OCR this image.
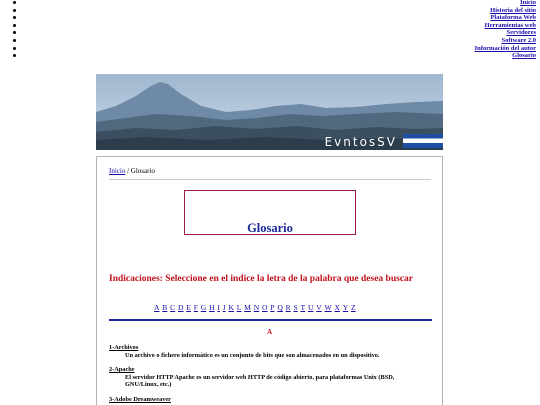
Inicio
Historia del sitio
Plataforma Web
Herramientas web
Servidores
Software 2.0
Información del autor
Glosario
EvntosSV
Inicio / Glosario
Glosario
Indicaciones: Seleccione en el indice la letra de la palabra que desea buscar
A B C D E F G H I J K L M N O P Q R S T U V W X Y Z
A
1-Archivos
Un archivo o fichero informático es un conjunto de bits que son almacenados en un dispositivo.
2-Apache
El servidor HTTP Apache es un servidor web HTTP de código abierto, para plataformas Unix (BSD, GNU/Linux, etc.)
3-Adobe Dreamweaver
